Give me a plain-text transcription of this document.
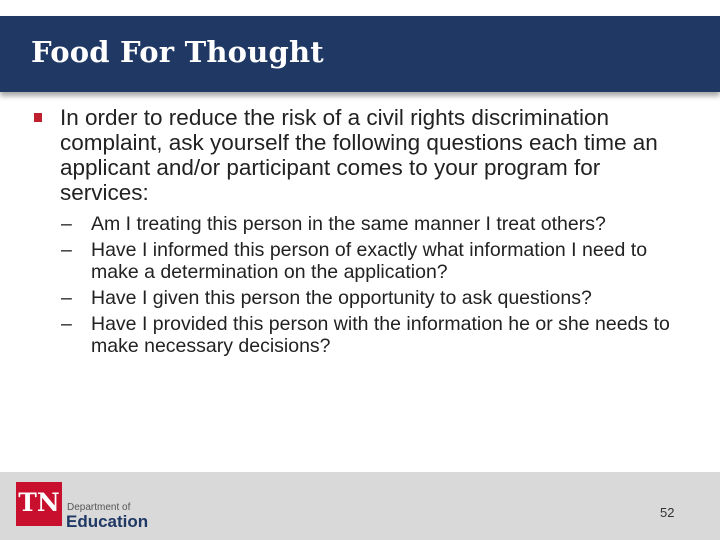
Food For Thought
In order to reduce the risk of a civil rights discrimination complaint, ask yourself the following questions each time an applicant and/or participant comes to your program for services:
– Am I treating this person in the same manner I treat others?
– Have I informed this person of exactly what information I need to make a determination on the application?
– Have I given this person the opportunity to ask questions?
– Have I provided this person with the information he or she needs to make necessary decisions?
TN Department of
Education	52
